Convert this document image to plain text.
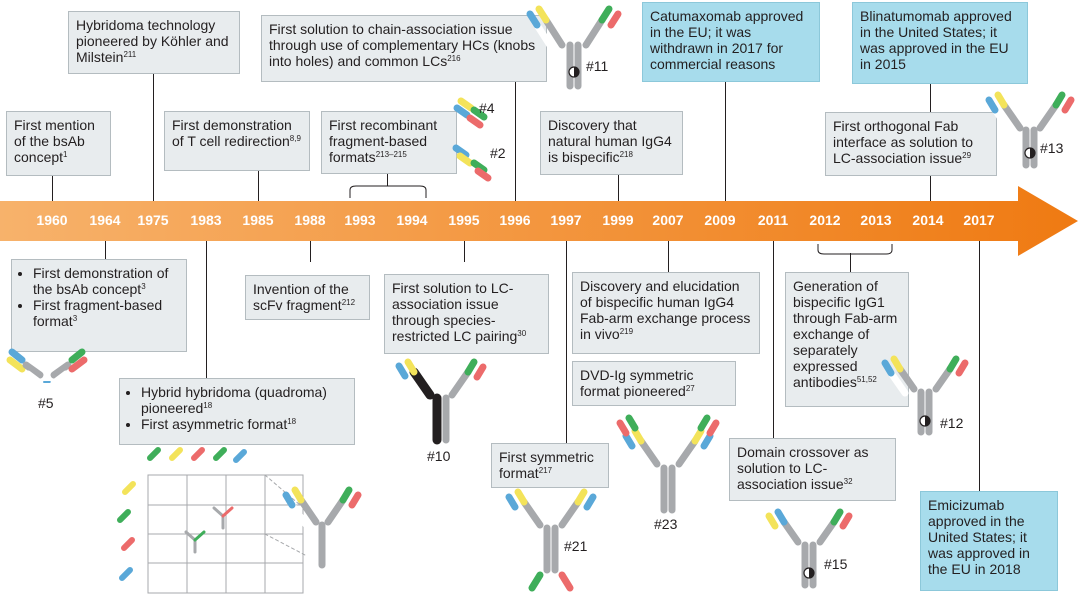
1960	1964	1975	1983	1985	1988	1993	1994	1995	1996	1997	1999	2007	2009	2011	2012	2013	2014	2017
First mention of the bsAb concept$^1$
Hybridoma technology pioneered by Köhler and Milstein$^{211}$
First demonstration of T cell redirection$^{8,9}$
First recombinant fragment-based formats$^{213-215}$
First solution to chain-association issue through use of complementary HCs (knobs into holes) and common LCs$^{216}$
Discovery that natural human IgG4 is bispecific$^{218}$
Catumaxomab approved in the EU; it was withdrawn in 2017 for commercial reasons
Blinatumomab approved in the United States; it was approved in the EU in 2015
First orthogonal Fab interface as solution to LC-association issue$^{29}$
• First demonstration of the bsAb concept$^3$
• First fragment-based format$^3$
• Hybrid hybridoma (quadroma) pioneered$^{18}$
• First asymmetric format$^{18}$
Invention of the scFv fragment$^{212}$
First solution to LC-association issue through species-restricted LC pairing$^{30}$
First symmetric format$^{217}$
Discovery and elucidation of bispecific human IgG4 Fab-arm exchange process in vivo$^{219}$
DVD-Ig symmetric format pioneered$^{27}$
Domain crossover as solution to LC-association issue$^{32}$
Generation of bispecific IgG1 through Fab-arm exchange of separately expressed antibodies$^{51,52}$
Emicizumab approved in the United States; it was approved in the EU in 2018
#11
#4
#2	#13
#5
#10
#21
#23
#15
#12
